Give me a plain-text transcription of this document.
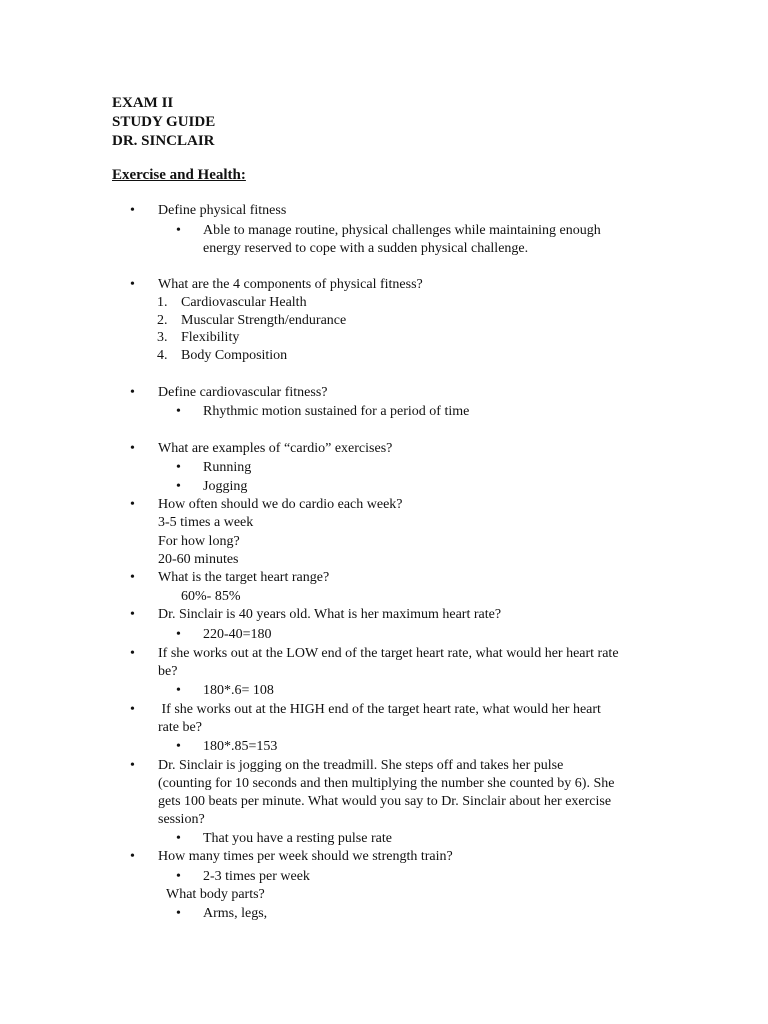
EXAM II
STUDY GUIDE
DR. SINCLAIR
Exercise and Health:
Define physical fitness
Able to manage routine, physical challenges while maintaining enough
energy reserved to cope with a sudden physical challenge.
What are the 4 components of physical fitness?
1. Cardiovascular Health
2. Muscular Strength/endurance
3. Flexibility
4. Body Composition
Define cardiovascular fitness?
Rhythmic motion sustained for a period of time
What are examples of “cardio” exercises?
Running
Jogging
How often should we do cardio each week?
3-5 times a week
For how long?
20-60 minutes
What is the target heart range?
60%- 85%
Dr. Sinclair is 40 years old. What is her maximum heart rate?
220-40=180
If she works out at the LOW end of the target heart rate, what would her heart rate
be?
180*.6= 108
If she works out at the HIGH end of the target heart rate, what would her heart
rate be?
180*.85=153
Dr. Sinclair is jogging on the treadmill. She steps off and takes her pulse
(counting for 10 seconds and then multiplying the number she counted by 6). She
gets 100 beats per minute. What would you say to Dr. Sinclair about her exercise
session?
That you have a resting pulse rate
How many times per week should we strength train?
2-3 times per week
What body parts?
Arms, legs,
